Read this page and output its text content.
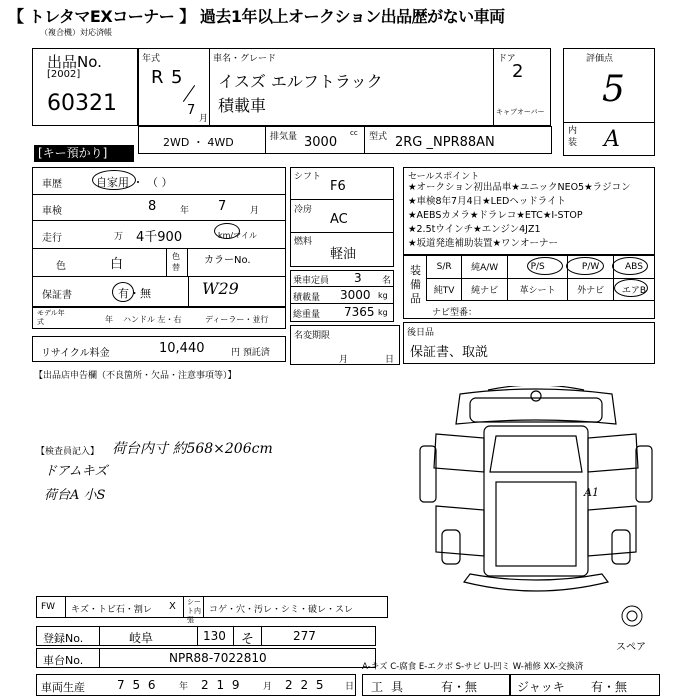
【 トレタマEXコーナー 】 過去1年以上オークション出品歴がない車両
（複合機）対応済帳
出品No.
[2002]
60321
年式
R 5
7
月
車名・グレード
イスズ エルフトラック
積載車
ドア
2
キャブオーバー
評価点
5
内装 A
2WD ・ 4WD	排気量 3000
cc 型式 2RG _NPR88AN
[キー預かり]
車歴	自家用 ・ （ ）
車検	8	年 7	月
走行	万 4千900	km/マイル
色	白
色替
カラーNo.
保証書	有・無	W29
モデル年式	年 ハンドル 左・右	ディーラー・並行
リサイクル料金	10,440	円 預託済
【出品店申告欄（不良箇所・欠品・注意事項等）】
シフト
F6
冷房
AC
燃料
軽油
乗車定員 3 名
積載量 3000 kg
総重量 7365 kg
名変期限
月	日
セールスポイント
★オークション初出品車★ユニックNEO5★ラジコン
★車検8年7月4日★LEDヘッドライト
★AEBSカメラ★ドラレコ★ETC★I-STOP
★2.5tウインチ★エンジン4JZ1
★坂道発進補助装置★ワンオーナー
装備品
S/R	純A/W	P/S	P/W	ABS
純TV	純ナビ	革シート	外ナビ	エアB
ナビ型番：
後日品
保証書、取説
【検査員記入】 荷台内寸 約568×206cm
ドアムキズ
荷台A 小S	A1
スペア
FW キズ・トビ石・割レ X シート内張
コゲ・穴・汚レ・シミ・破レ・スレ
登録No.	岐阜	130 そ	277
車台No.	NPR88-7022810
A-キズ C-腐食 E-エクボ S-サビ U-凹ミ W-補修 XX-交換済
車両生産	7 5 6 年 2 1 9 月 2 2 5 日 工具 有・無	ジャッキ 有・無
